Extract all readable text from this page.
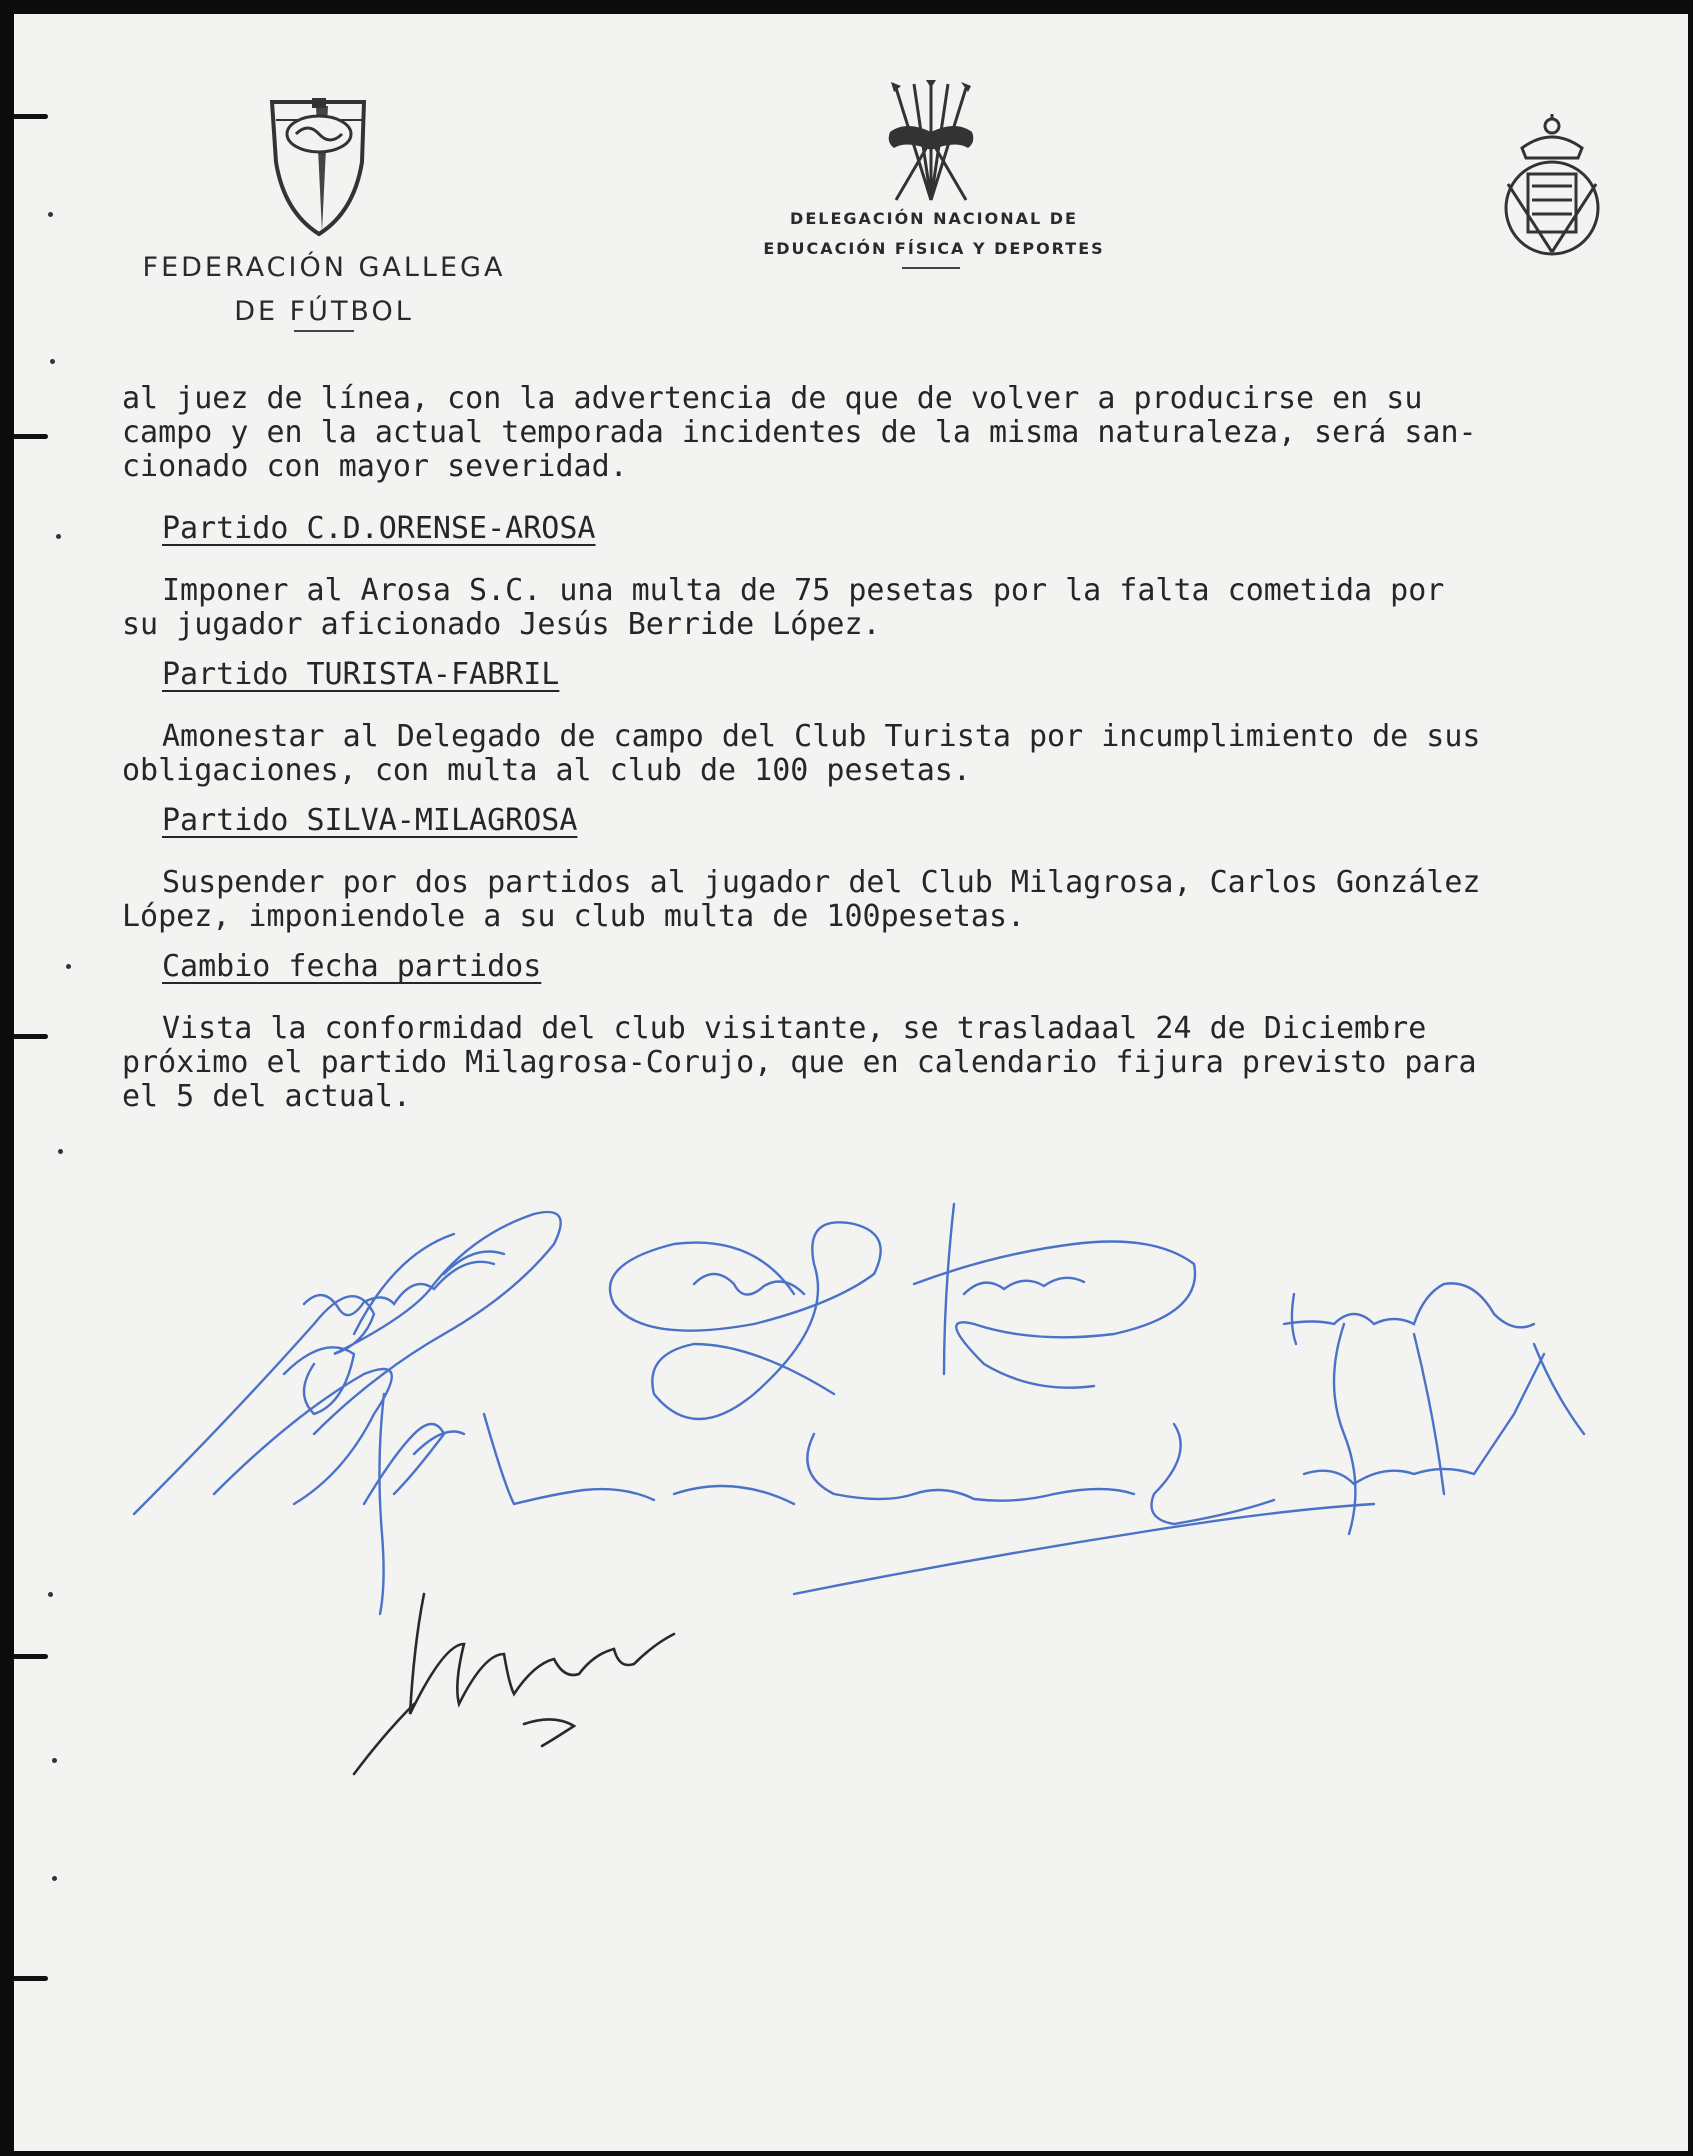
FEDERACIÓN GALLEGA
DE FÚTBOL
DELEGACIÓN NACIONAL DE
EDUCACIÓN FÍSICA Y DEPORTES

al juez de línea, con la advertencia de que de volver a producirse en su

campo y en la actual temporada incidentes de la misma naturaleza, será san-

cionado con mayor severidad.

Partido C.D.ORENSE-AROSA

Imponer al Arosa S.C. una multa de 75 pesetas por la falta cometida por

su jugador aficionado Jesús Berride López.

Partido TURISTA-FABRIL

Amonestar al Delegado de campo del Club Turista por incumplimiento de sus

obligaciones, con multa al club de 100 pesetas.

Partido SILVA-MILAGROSA

Suspender por dos partidos al jugador del Club Milagrosa, Carlos González

López, imponiendole a su club multa de 100pesetas.

Cambio fecha partidos

Vista la conformidad del club visitante, se trasladaal 24 de Diciembre

próximo el partido Milagrosa-Corujo, que en calendario fijura previsto para

el 5 del actual.
